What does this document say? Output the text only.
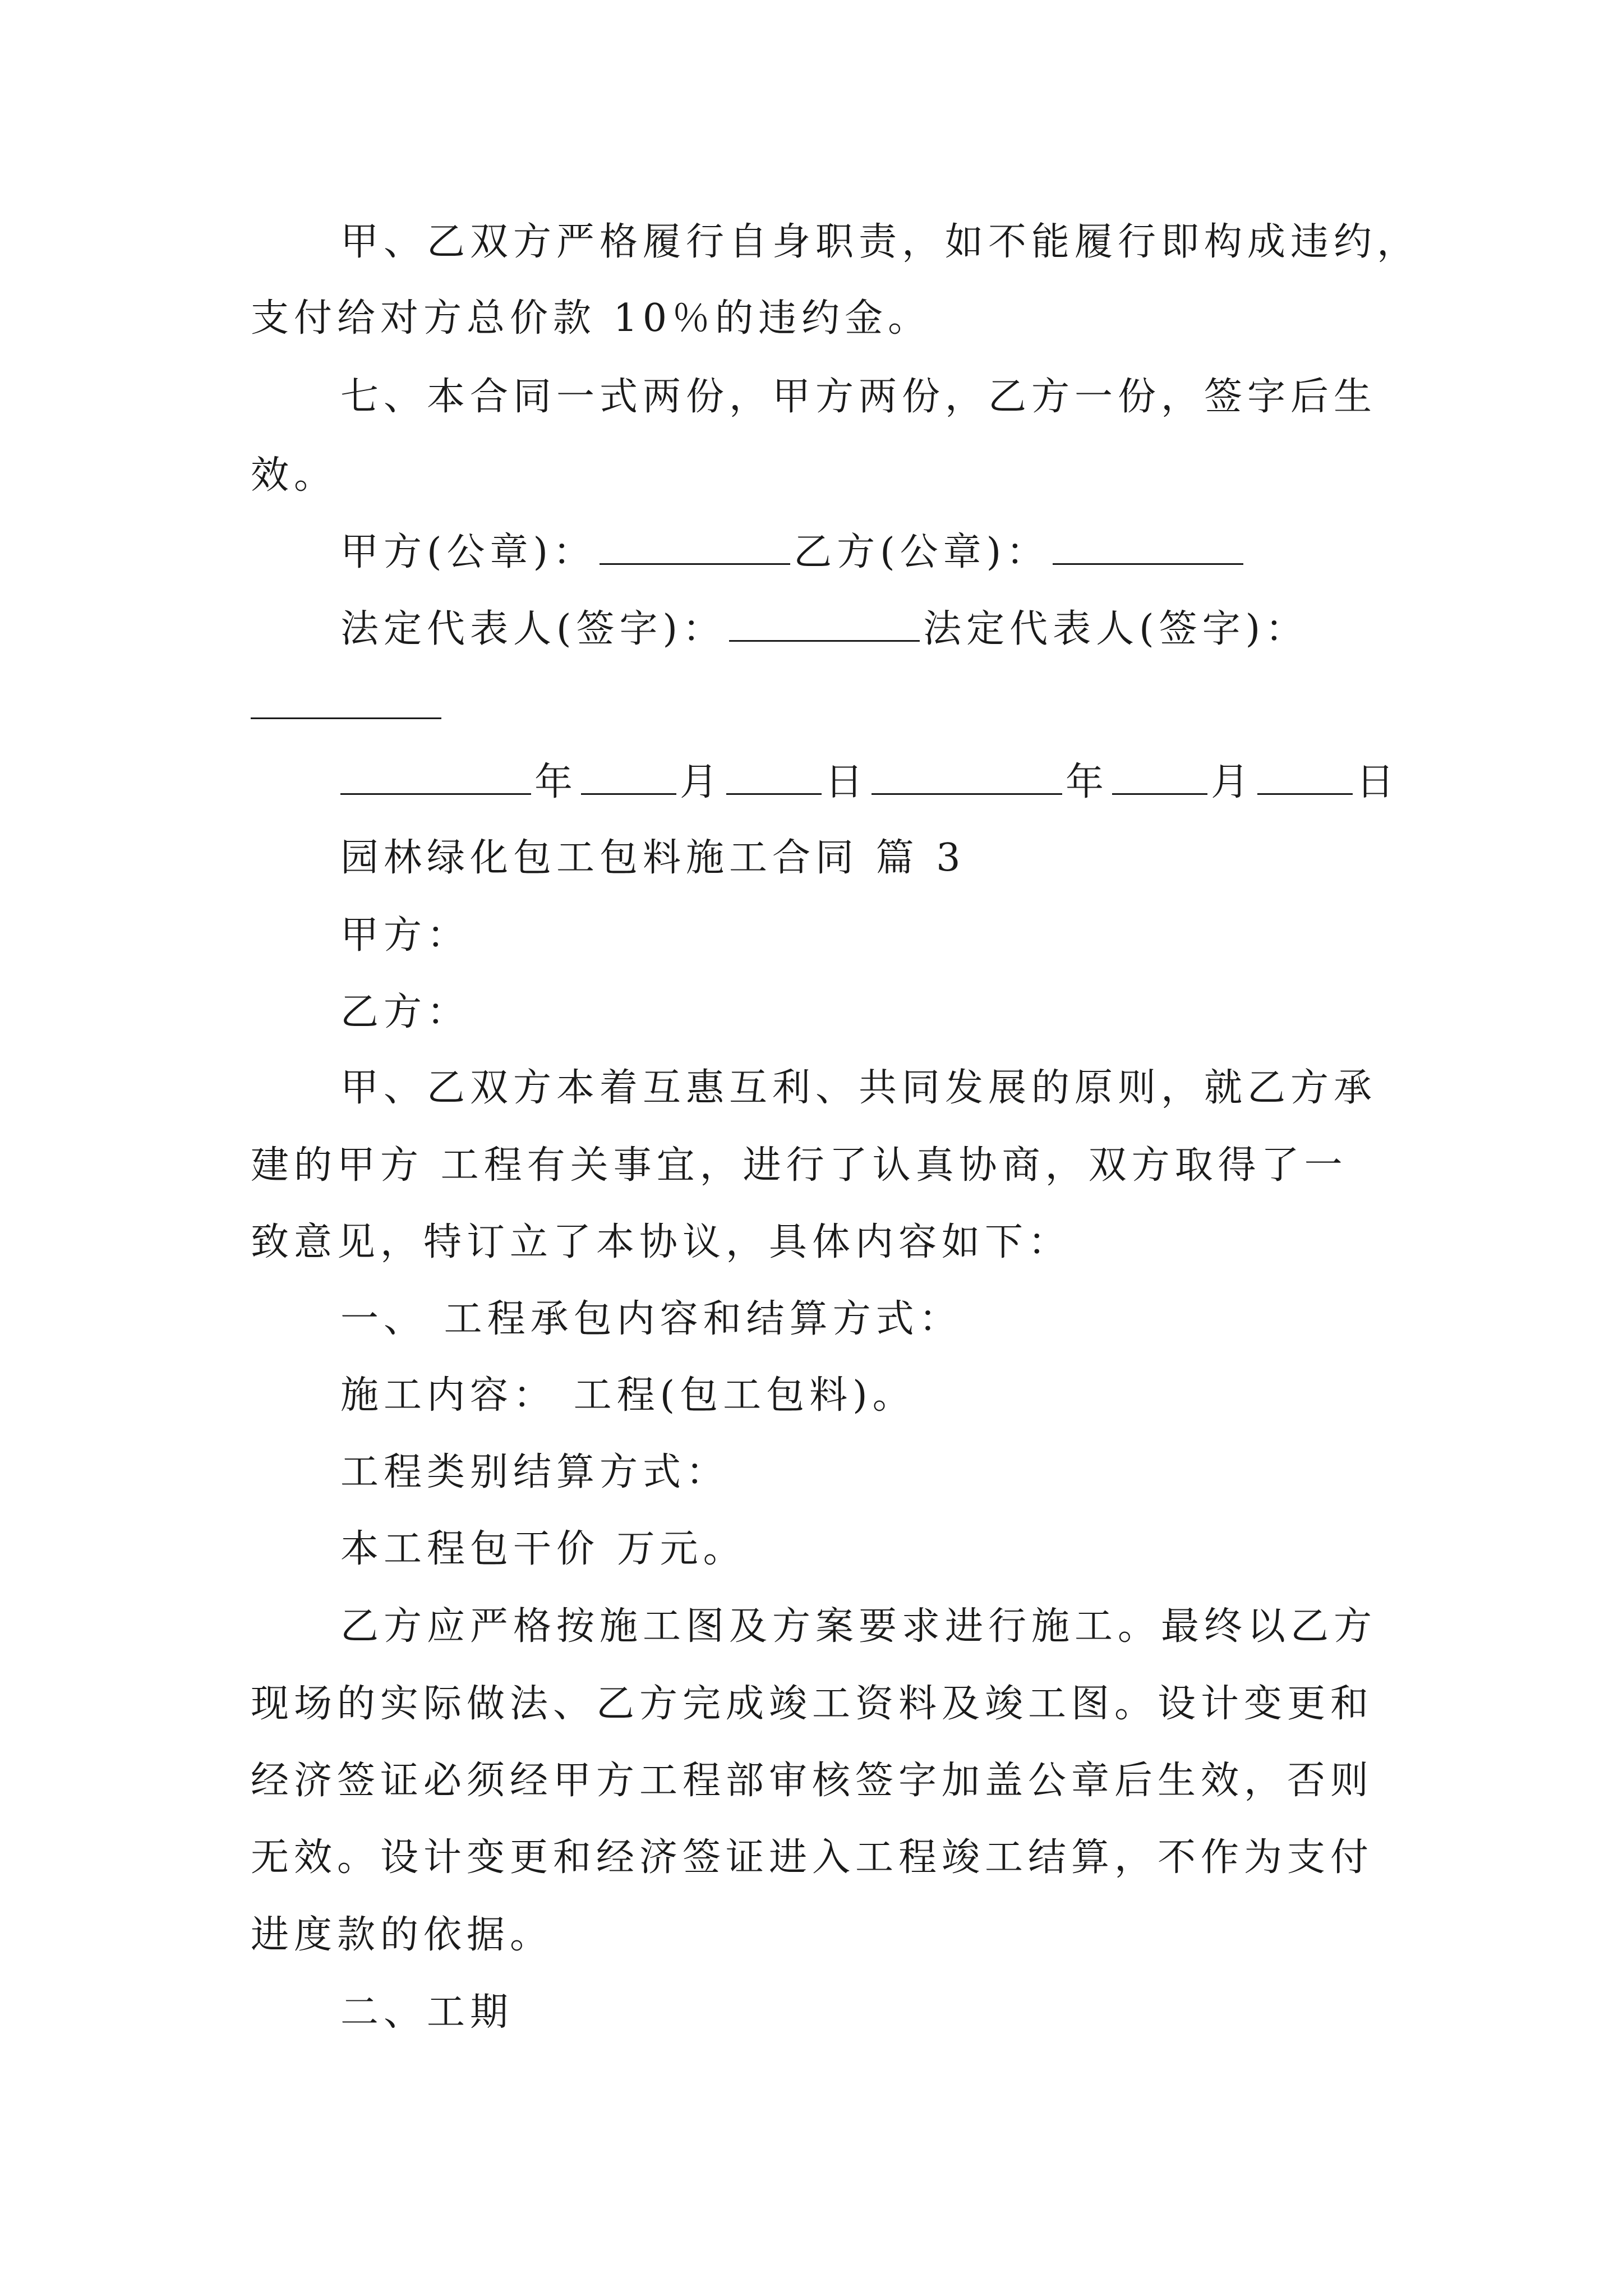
甲、乙双方严格履行自身职责，如不能履行即构成违约，
支付给对方总价款 10％的违约金。
七、本合同一式两份，甲方两份，乙方一份，签字后生
效。
甲方(公章)：	乙方(公章)：
法定代表人(签字)：	法定代表人(签字)：
年	月	日	年	月	日
园林绿化包工包料施工合同 篇 3
甲方：
乙方：
甲、乙双方本着互惠互利、共同发展的原则，就乙方承
建的甲方 工程有关事宜，进行了认真协商，双方取得了一
致意见，特订立了本协议，具体内容如下：
一、 工程承包内容和结算方式：
施工内容： 工程(包工包料)。
工程类别结算方式：
本工程包干价 万元。
乙方应严格按施工图及方案要求进行施工。最终以乙方
现场的实际做法、乙方完成竣工资料及竣工图。设计变更和
经济签证必须经甲方工程部审核签字加盖公章后生效，否则
无效。设计变更和经济签证进入工程竣工结算，不作为支付
进度款的依据。
二、工期
